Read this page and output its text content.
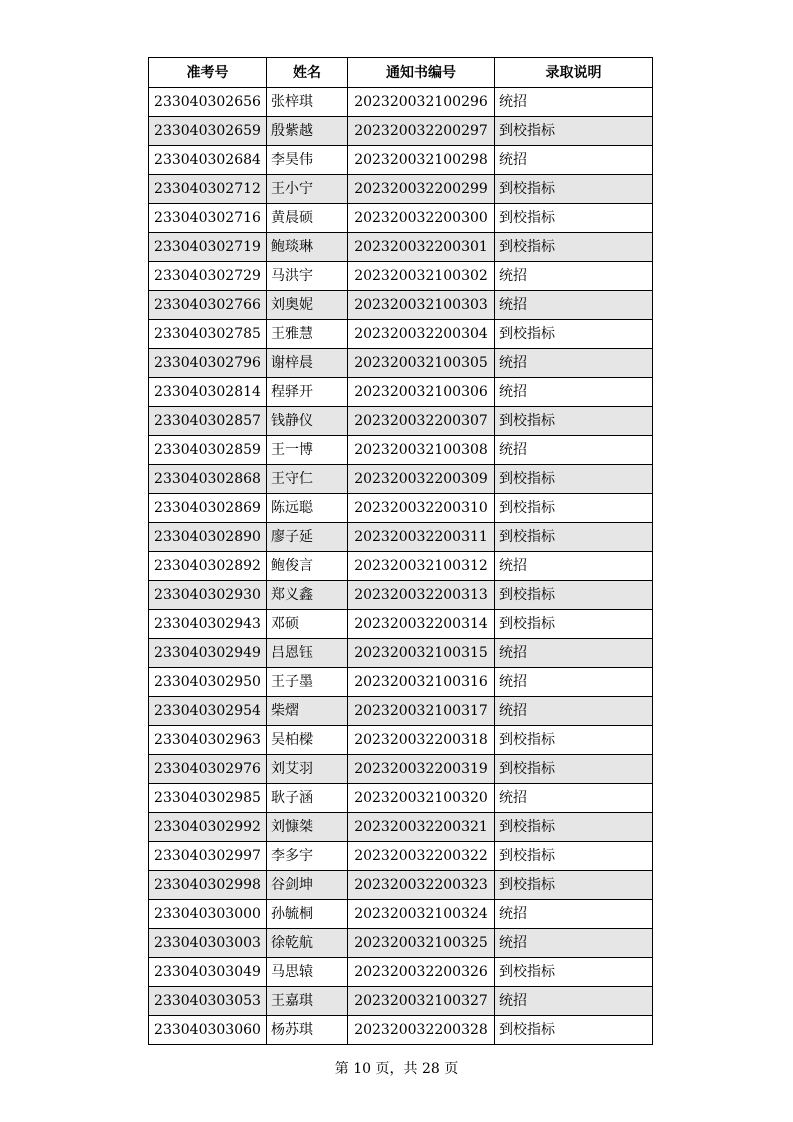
准考号	姓名	通知书编号	录取说明
233040302656	张梓琪	202320032100296	统招
233040302659	殷紫越	202320032200297	到校指标
233040302684	李昊伟	202320032100298	统招
233040302712	王小宁	202320032200299	到校指标
233040302716	黄晨硕	202320032200300	到校指标
233040302719	鲍琰琳	202320032200301	到校指标
233040302729	马洪宇	202320032100302	统招
233040302766	刘奥妮	202320032100303	统招
233040302785	王雅慧	202320032200304	到校指标
233040302796	谢梓晨	202320032100305	统招
233040302814	程驿开	202320032100306	统招
233040302857	钱静仪	202320032200307	到校指标
233040302859	王一博	202320032100308	统招
233040302868	王守仁	202320032200309	到校指标
233040302869	陈远聪	202320032200310	到校指标
233040302890	廖子延	202320032200311	到校指标
233040302892	鲍俊言	202320032100312	统招
233040302930	郑义鑫	202320032200313	到校指标
233040302943	邓硕	202320032200314	到校指标
233040302949	吕恩钰	202320032100315	统招
233040302950	王子墨	202320032100316	统招
233040302954	柴熠	202320032100317	统招
233040302963	吴柏樑	202320032200318	到校指标
233040302976	刘艾羽	202320032200319	到校指标
233040302985	耿子涵	202320032100320	统招
233040302992	刘慷桀	202320032200321	到校指标
233040302997	李多宇	202320032200322	到校指标
233040302998	谷剑坤	202320032200323	到校指标
233040303000	孙毓桐	202320032100324	统招
233040303003	徐乾航	202320032100325	统招
233040303049	马思辕	202320032200326	到校指标
233040303053	王嘉琪	202320032100327	统招
233040303060	杨苏琪	202320032200328	到校指标
第 10 页，共 28 页
